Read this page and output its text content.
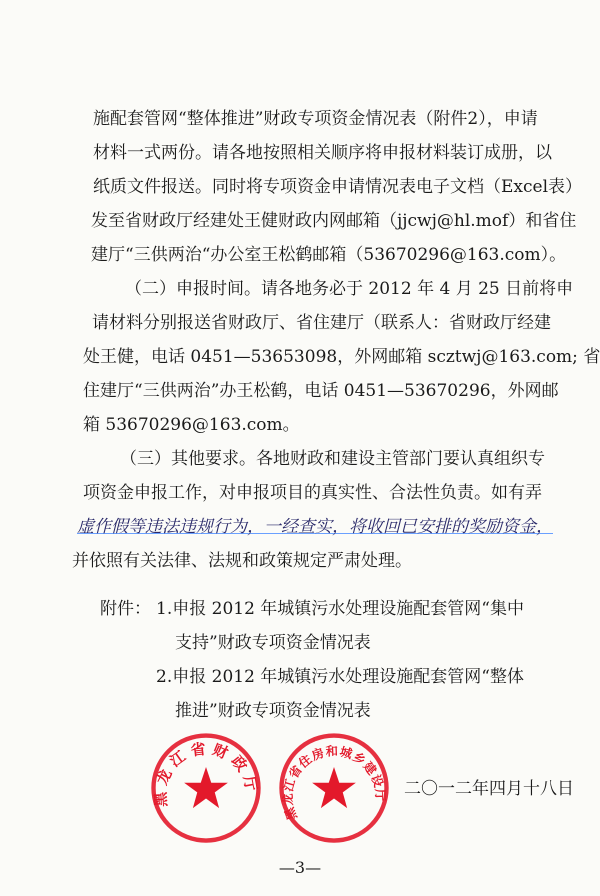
施配套管网“整体推进”财政专项资金情况表（附件2），申请
材料一式两份。请各地按照相关顺序将申报材料装订成册，以
纸质文件报送。同时将专项资金申请情况表电子文档（Excel表）
发至省财政厅经建处王健财政内网邮箱（jjcwj@hl.mof）和省住
建厅“三供两治“办公室王松鹤邮箱（53670296@163.com）。
（二）申报时间。请各地务必于 2012 年 4 月 25 日前将申
请材料分别报送省财政厅、省住建厅（联系人：省财政厅经建
处王健，电话 0451—53653098，外网邮箱 scztwj@163.com; 省
住建厅“三供两治”办王松鹤，电话 0451—53670296，外网邮
箱 53670296@163.com。
（三）其他要求。各地财政和建设主管部门要认真组织专
项资金申报工作，对申报项目的真实性、合法性负责。如有弄
虚作假等违法违规行为，一经查实，将收回已安排的奖励资金，
并依照有关法律、法规和政策规定严肃处理。
附件： 1.申报 2012 年城镇污水处理设施配套管网“集中
支持”财政专项资金情况表
2.申报 2012 年城镇污水处理设施配套管网“整体
推进”财政专项资金情况表
黑龙江省财政厅
黑龙江省住房和城乡建设厅 二〇一二年四月十八日
—3—
